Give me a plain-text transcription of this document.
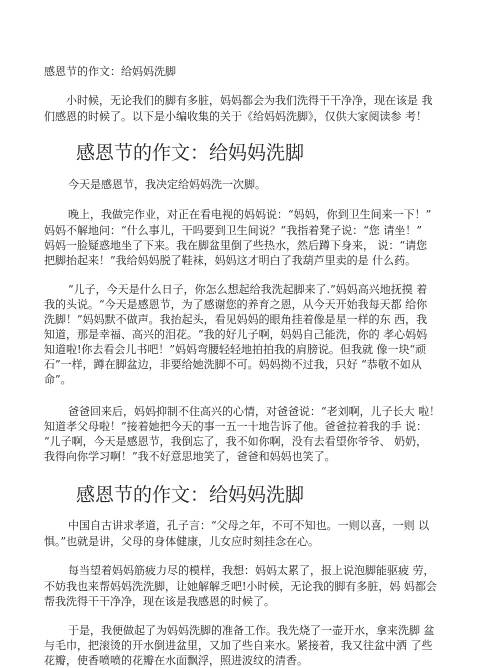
感恩节的作文：给妈妈洗脚
小时候，无论我们的脚有多脏，妈妈都会为我们洗得干干净净，现在该是 我
们感恩的时候了。以下是小编收集的关于《给妈妈洗脚》，仅供大家阅读参 考！
感恩节的作文：给妈妈洗脚
今天是感恩节，我决定给妈妈洗一次脚。
晚上，我做完作业，对正在看电视的妈妈说：“妈妈，你到卫生间来一下！”
妈妈不解地问：“什么事儿，干吗要到卫生间说？”我指着凳子说：“您 请坐！”
妈妈一脸疑惑地坐了下来。我在脚盆里倒了些热水，然后蹲下身来， 说：“请您
把脚抬起来！”我给妈妈脱了鞋袜，妈妈这才明白了我葫芦里卖的是 什么药。
“儿子，今天是什么日子，你怎么想起给我洗起脚来了.”妈妈高兴地抚摸 着
我的头说。“今天是感恩节，为了感谢您的养育之恩，从今天开始我每天都 给你
洗脚！”妈妈默不做声。我抬起头，看见妈妈的眼角挂着像是星一样的东 西，我
知道，那是幸福、高兴的泪花。“我的好儿子啊，妈妈自己能洗，你的 孝心妈妈
知道啦!你去看会儿书吧！”妈妈弯腰轻轻地拍拍我的肩膀说。但我就 像一块“顽
石”一样，蹲在脚盆边，非要给她洗脚不可。妈妈拗不过我，只好 “恭敬不如从
命”。
爸爸回来后，妈妈抑制不住高兴的心情，对爸爸说：“老刘啊，儿子长大 啦！
知道孝父母啦！”接着她把今天的事一五一十地告诉了他。爸爸拉着我的手 说：
“儿子啊，今天是感恩节，我倒忘了，我不如你啊，没有去看望你爷爷、 奶奶，
我得向你学习啊！”我不好意思地笑了，爸爸和妈妈也笑了。
感恩节的作文：给妈妈洗脚
中国自古讲求孝道，孔子言：“父母之年，不可不知也。一则以喜，一则 以
惧。”也就是讲，父母的身体健康，儿女应时刻挂念在心。
每当望着妈妈筋疲力尽的模样，我想：妈妈太累了，报上说泡脚能驱疲 劳，
不妨我也来帮妈妈洗洗脚，让她解解乏吧!小时候，无论我的脚有多脏，妈 妈都会
帮我洗得干干净净，现在该是我感恩的时候了。
于是，我便做起了为妈妈洗脚的准备工作。我先烧了一壶开水，拿来洗脚 盆
与毛巾，把滚烫的开水倒进盆里，又加了些自来水。紧接着，我又往盆中洒 了些
花瓣，使香喷喷的花瓣在水面飘浮，照进波纹的清香。
